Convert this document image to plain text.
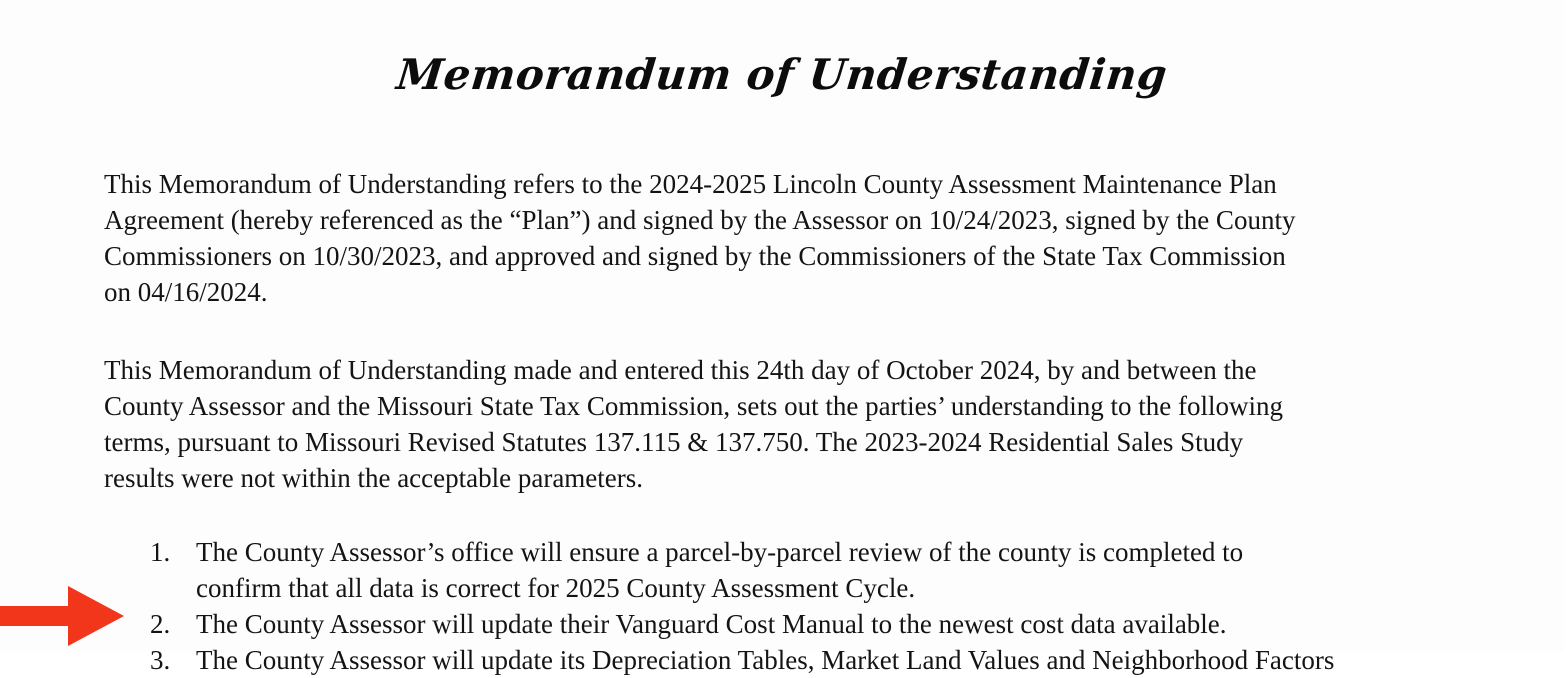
Memorandum of Understanding

This Memorandum of Understanding refers to the 2024-2025 Lincoln County Assessment Maintenance Plan
Agreement (hereby referenced as the “Plan”) and signed by the Assessor on 10/24/2023, signed by the County
Commissioners on 10/30/2023, and approved and signed by the Commissioners of the State Tax Commission
on 04/16/2024.

This Memorandum of Understanding made and entered this 24th day of October 2024, by and between the
County Assessor and the Missouri State Tax Commission, sets out the parties’ understanding to the following
terms, pursuant to Missouri Revised Statutes 137.115 & 137.750. The 2023-2024 Residential Sales Study
results were not within the acceptable parameters.

1. The County Assessor’s office will ensure a parcel-by-parcel review of the county is completed to
confirm that all data is correct for 2025 County Assessment Cycle.
2. The County Assessor will update their Vanguard Cost Manual to the newest cost data available.
3. The County Assessor will update its Depreciation Tables, Market Land Values and Neighborhood Factors
